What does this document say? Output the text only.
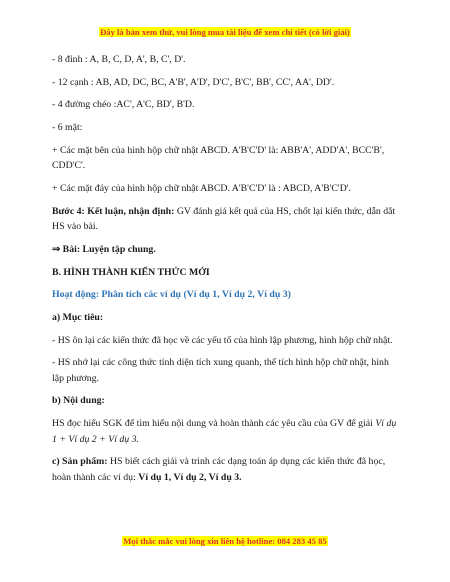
Đây là bản xem thử, vui lòng mua tài liệu để xem chi tiết (có lời giải)

- 8 đỉnh : A, B, C, D, A', B, C', D'.

- 12 cạnh : AB, AD, DC, BC, A'B', A'D', D'C', B'C', BB', CC', AA', DD'.

- 4 đường chéo :AC', A'C, BD', B'D.

- 6 mặt:

+ Các mặt bên của hình hộp chữ nhật ABCD. A'B'C'D' là: ABB'A', ADD'A', BCC'B', CDD'C'.

+ Các mặt đáy của hình hộp chữ nhật ABCD. A'B'C'D' là : ABCD, A'B'C'D'.

Bước 4: Kết luận, nhận định: GV đánh giá kết quả của HS, chốt lại kiến thức, dẫn dắt HS vào bài.

⇒ Bài: Luyện tập chung.

B. HÌNH THÀNH KIẾN THỨC MỚI

Hoạt động: Phân tích các ví dụ (Ví dụ 1, Ví dụ 2, Ví dụ 3)

a) Mục tiêu:

- HS ôn lại các kiến thức đã học về các yếu tố của hình lập phương, hình hộp chữ nhật.

- HS nhớ lại các công thức tính diện tích xung quanh, thể tích hình hộp chữ nhật, hình lập phương.

b) Nội dung:

HS đọc hiểu SGK để tìm hiểu nội dung và hoàn thành các yêu cầu của GV để giải Ví dụ 1 + Ví dụ 2 + Ví dụ 3.

c) Sản phẩm: HS biết cách giải và trình các dạng toán áp dụng các kiến thức đã học, hoàn thành các ví dụ: Ví dụ 1, Ví dụ 2, Ví dụ 3.

Mọi thắc mắc vui lòng xin liên hệ hotline: 084 283 45 85
